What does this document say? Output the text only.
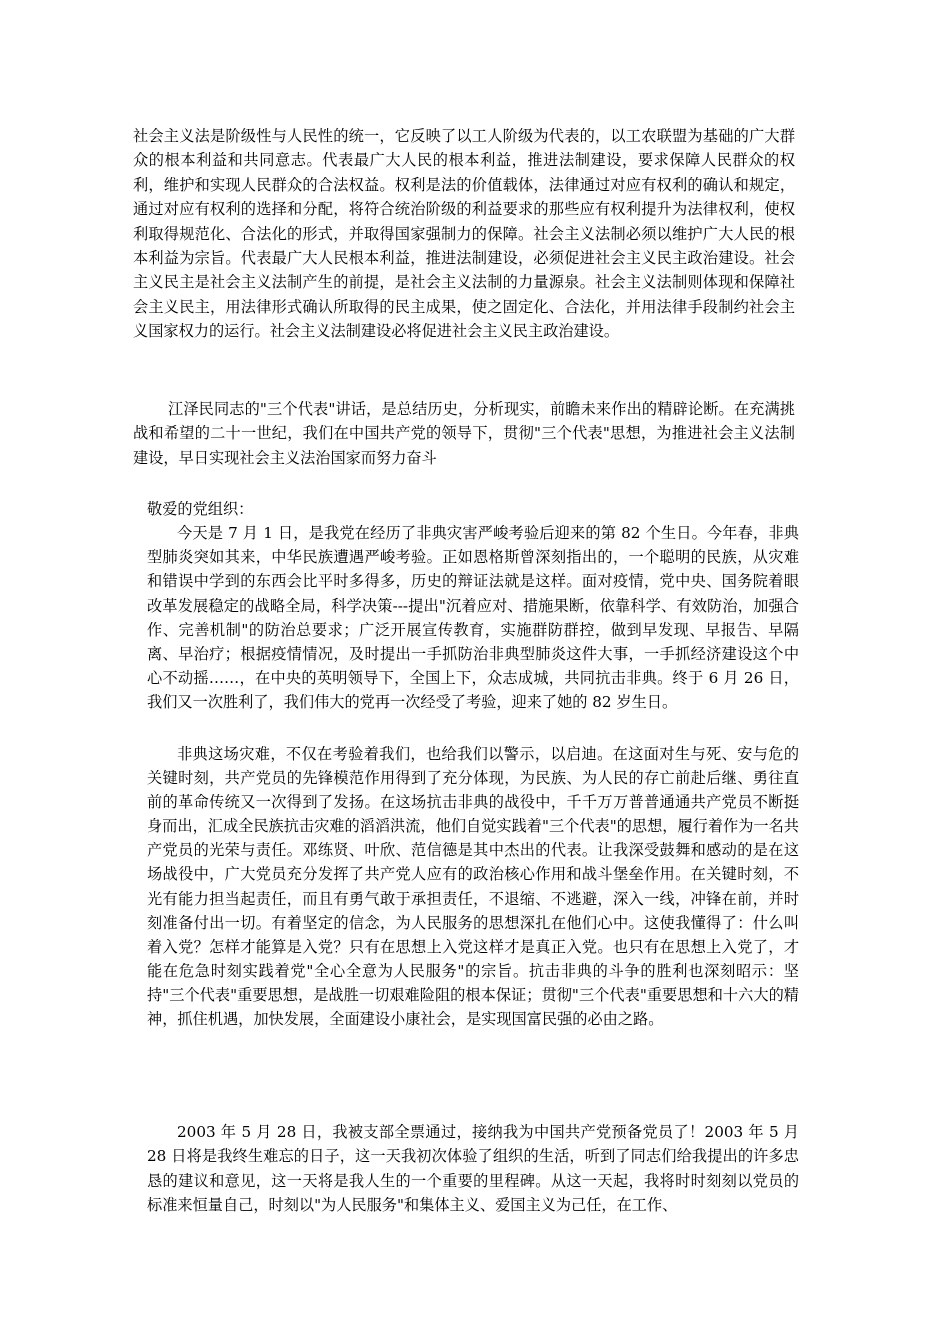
社会主义法是阶级性与人民性的统一，它反映了以工人阶级为代表的，以工农联盟为基础的广大群众的根本利益和共同意志。代表最广大人民的根本利益，推进法制建设，要求保障人民群众的权利，维护和实现人民群众的合法权益。权利是法的价值载体，法律通过对应有权利的确认和规定，通过对应有权利的选择和分配，将符合统治阶级的利益要求的那些应有权利提升为法律权利，使权利取得规范化、合法化的形式，并取得国家强制力的保障。社会主义法制必须以维护广大人民的根本利益为宗旨。代表最广大人民根本利益，推进法制建设，必须促进社会主义民主政治建设。社会主义民主是社会主义法制产生的前提，是社会主义法制的力量源泉。社会主义法制则体现和保障社会主义民主，用法律形式确认所取得的民主成果，使之固定化、合法化，并用法律手段制约社会主义国家权力的运行。社会主义法制建设必将促进社会主义民主政治建设。

江泽民同志的"三个代表"讲话，是总结历史，分析现实，前瞻未来作出的精辟论断。在充满挑战和希望的二十一世纪，我们在中国共产党的领导下，贯彻"三个代表"思想，为推进社会主义法制建设，早日实现社会主义法治国家而努力奋斗

敬爱的党组织：

今天是 7 月 1 日，是我党在经历了非典灾害严峻考验后迎来的第 82 个生日。今年春，非典型肺炎突如其来，中华民族遭遇严峻考验。正如恩格斯曾深刻指出的，一个聪明的民族，从灾难和错误中学到的东西会比平时多得多，历史的辩证法就是这样。面对疫情，党中央、国务院着眼改革发展稳定的战略全局，科学决策---提出"沉着应对、措施果断，依靠科学、有效防治，加强合作、完善机制"的防治总要求；广泛开展宣传教育，实施群防群控，做到早发现、早报告、早隔离、早治疗；根据疫情情况，及时提出一手抓防治非典型肺炎这件大事，一手抓经济建设这个中心不动摇……，在中央的英明领导下，全国上下，众志成城，共同抗击非典。终于 6 月 26 日，我们又一次胜利了，我们伟大的党再一次经受了考验，迎来了她的 82 岁生日。

非典这场灾难，不仅在考验着我们，也给我们以警示，以启迪。在这面对生与死、安与危的关键时刻，共产党员的先锋模范作用得到了充分体现，为民族、为人民的存亡前赴后继、勇往直前的革命传统又一次得到了发扬。在这场抗击非典的战役中，千千万万普普通通共产党员不断挺身而出，汇成全民族抗击灾难的滔滔洪流，他们自觉实践着"三个代表"的思想，履行着作为一名共产党员的光荣与责任。邓练贤、叶欣、范信德是其中杰出的代表。让我深受鼓舞和感动的是在这场战役中，广大党员充分发挥了共产党人应有的政治核心作用和战斗堡垒作用。在关键时刻，不光有能力担当起责任，而且有勇气敢于承担责任，不退缩、不逃避，深入一线，冲锋在前，并时刻准备付出一切。有着坚定的信念，为人民服务的思想深扎在他们心中。这使我懂得了：什么叫着入党？怎样才能算是入党？只有在思想上入党这样才是真正入党。也只有在思想上入党了，才能在危急时刻实践着党"全心全意为人民服务"的宗旨。抗击非典的斗争的胜利也深刻昭示：坚持"三个代表"重要思想，是战胜一切艰难险阻的根本保证；贯彻"三个代表"重要思想和十六大的精神，抓住机遇，加快发展，全面建设小康社会，是实现国富民强的必由之路。

2003 年 5 月 28 日，我被支部全票通过，接纳我为中国共产党预备党员了！2003 年 5 月 28 日将是我终生难忘的日子，这一天我初次体验了组织的生活，听到了同志们给我提出的许多忠恳的建议和意见，这一天将是我人生的一个重要的里程碑。从这一天起，我将时时刻刻以党员的标准来恒量自己，时刻以"为人民服务"和集体主义、爱国主义为己任，在工作、
